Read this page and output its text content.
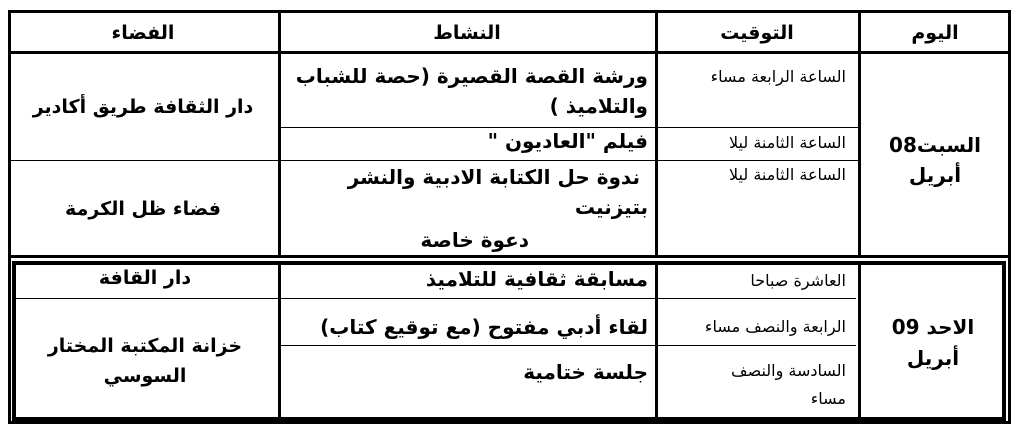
اليوم
التوقيت
النشاط
الفضاء
السبت08
أبريل
الساعة الرابعة مساء
الساعة الثامنة ليلا
الساعة الثامنة ليلا
ورشة القصة القصيرة (حصة للشباب
والتلاميذ )
فيلم "العاديون "
ندوة حل الكتابة الادبية والنشر
بتيزنيت
دعوة خاصة
دار الثقافة طريق أكادير
فضاء ظل الكرمة
الاحد 09
أبريل
العاشرة صباحا
الرابعة والنصف مساء
السادسة والنصف
مساء
مسابقة ثقافية للتلاميذ
لقاء أدبي مفتوح (مع توقيع كتاب)
جلسة ختامية
دار القافة
خزانة المكتبة المختار
السوسي
